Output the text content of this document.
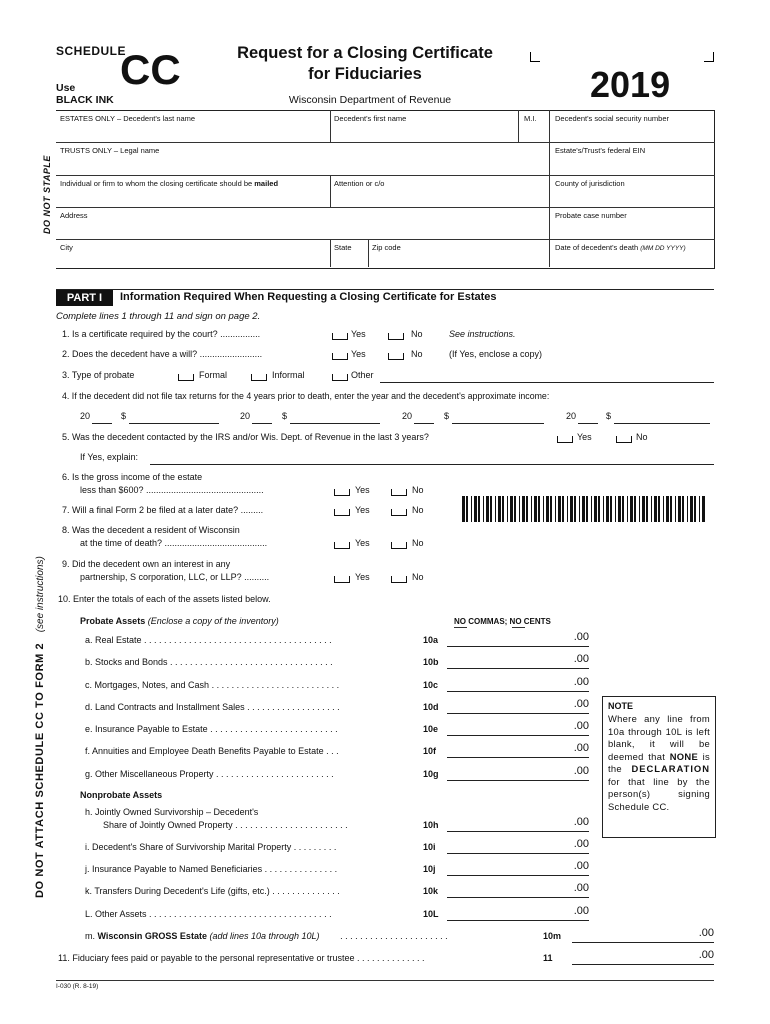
SCHEDULE
CC
Use
BLACK INK
Request for a Closing Certificate
for Fiduciaries
Wisconsin Department of Revenue	2019
DO NOT STAPLE
DO NOT ATTACH SCHEDULE CC TO FORM 2 (see instructions)
ESTATES ONLY – Decedent's last name	Decedent's first name	M.I. Decedent's social security number
TRUSTS ONLY – Legal name	Estate's/Trust's federal EIN
Individual or firm to whom the closing certificate should be mailed	Attention or c/o	County of jurisdiction
Address	Probate case number
City	State	Zip code	Date of decedent's death (MM DD YYYY)
PART I	Information Required When Requesting a Closing Certificate for Estates
Complete lines 1 through 11 and sign on page 2.
1. Is a certificate required by the court? ................	Yes	No	See instructions.
2. Does the decedent have a will? .........................	Yes	No	(If Yes, enclose a copy)
3. Type of probate	Formal	Informal	Other
4. If the decedent did not file tax returns for the 4 years prior to death, enter the year and the decedent's approximate income:
20	$	20	$	20	$	20	$
5. Was the decedent contacted by the IRS and/or Wis. Dept. of Revenue in the last 3 years?	Yes	No
If Yes, explain:
6. Is the gross income of the estate
less than $600? ...............................................	Yes	No
7. Will a final Form 2 be filed at a later date? .........	Yes	No
8. Was the decedent a resident of Wisconsin
at the time of death? .........................................	Yes	No
9. Did the decedent own an interest in any
partnership, S corporation, LLC, or LLP? ..........	Yes	No
10. Enter the totals of each of the assets listed below.
Probate Assets (Enclose a copy of the inventory)	NO COMMAS; NO CENTS
a. Real Estate . . . . . . . . . . . . . . . . . . . . . . . . . . . . . . . . . . . . . .	10a	.00
b. Stocks and Bonds . . . . . . . . . . . . . . . . . . . . . . . . . . . . . . . . .	10b	.00
c. Mortgages, Notes, and Cash . . . . . . . . . . . . . . . . . . . . . . . . . .	10c	.00
d. Land Contracts and Installment Sales . . . . . . . . . . . . . . . . . . .	10d	.00
e. Insurance Payable to Estate . . . . . . . . . . . . . . . . . . . . . . . . . .	10e	.00
f. Annuities and Employee Death Benefits Payable to Estate . . .	10f	.00
g. Other Miscellaneous Property . . . . . . . . . . . . . . . . . . . . . . . .	10g	.00
Nonprobate Assets
h. Jointly Owned Survivorship – Decedent's
Share of Jointly Owned Property . . . . . . . . . . . . . . . . . . . . . . .	10h	.00
i. Decedent's Share of Survivorship Marital Property . . . . . . . . .	10i	.00
j. Insurance Payable to Named Beneficiaries . . . . . . . . . . . . . . .	10j	.00
k. Transfers During Decedent's Life (gifts, etc.) . . . . . . . . . . . . . .	10k	.00
L. Other Assets . . . . . . . . . . . . . . . . . . . . . . . . . . . . . . . . . . . . .	10L	.00
m. Wisconsin GROSS Estate (add lines 10a through 10L) . . . . . . . . . . . . . . . . . . . . . .	10m	.00
11. Fiduciary fees paid or payable to the personal representative or trustee . . . . . . . . . . . . . .	11	.00
NOTE
Where any line from 10a through 10L is left blank, it will be deemed that NONE is the DECLARATION for that line by the person(s) signing Schedule CC.
I-030 (R. 8-19)
